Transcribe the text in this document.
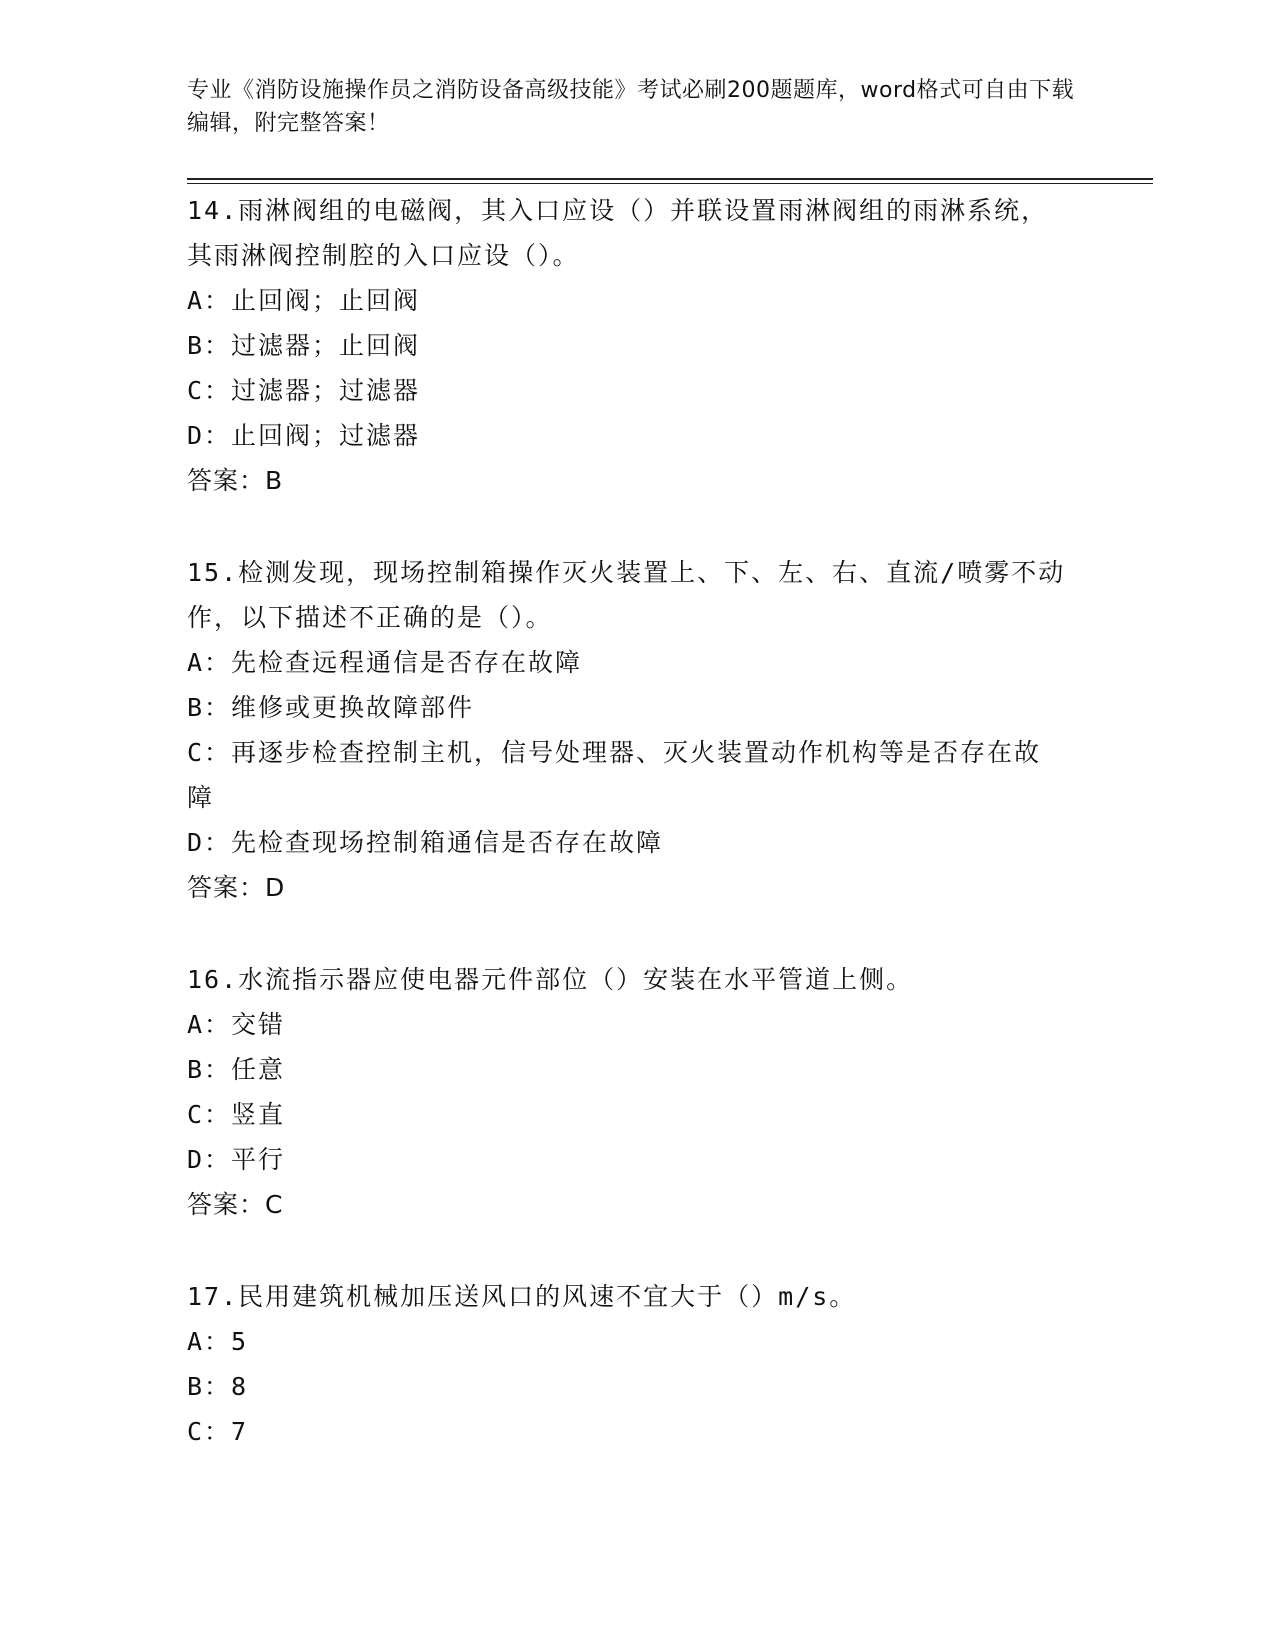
专业《消防设施操作员之消防设备高级技能》考试必刷200题题库，word格式可自由下载编辑，附完整答案！
14.雨淋阀组的电磁阀，其入口应设（）并联设置雨淋阀组的雨淋系统，其雨淋阀控制腔的入口应设（）。
A：止回阀；止回阀
B：过滤器；止回阀
C：过滤器；过滤器
D：止回阀；过滤器
答案：B
15.检测发现，现场控制箱操作灭火装置上、下、左、右、直流/喷雾不动作，以下描述不正确的是（）。
A：先检查远程通信是否存在故障
B：维修或更换故障部件
C：再逐步检查控制主机，信号处理器、灭火装置动作机构等是否存在故障
D：先检查现场控制箱通信是否存在故障
答案：D
16.水流指示器应使电器元件部位（）安装在水平管道上侧。
A：交错
B：任意
C：竖直
D：平行
答案：C
17.民用建筑机械加压送风口的风速不宜大于（）m/s。
A：5
B：8
C：7
